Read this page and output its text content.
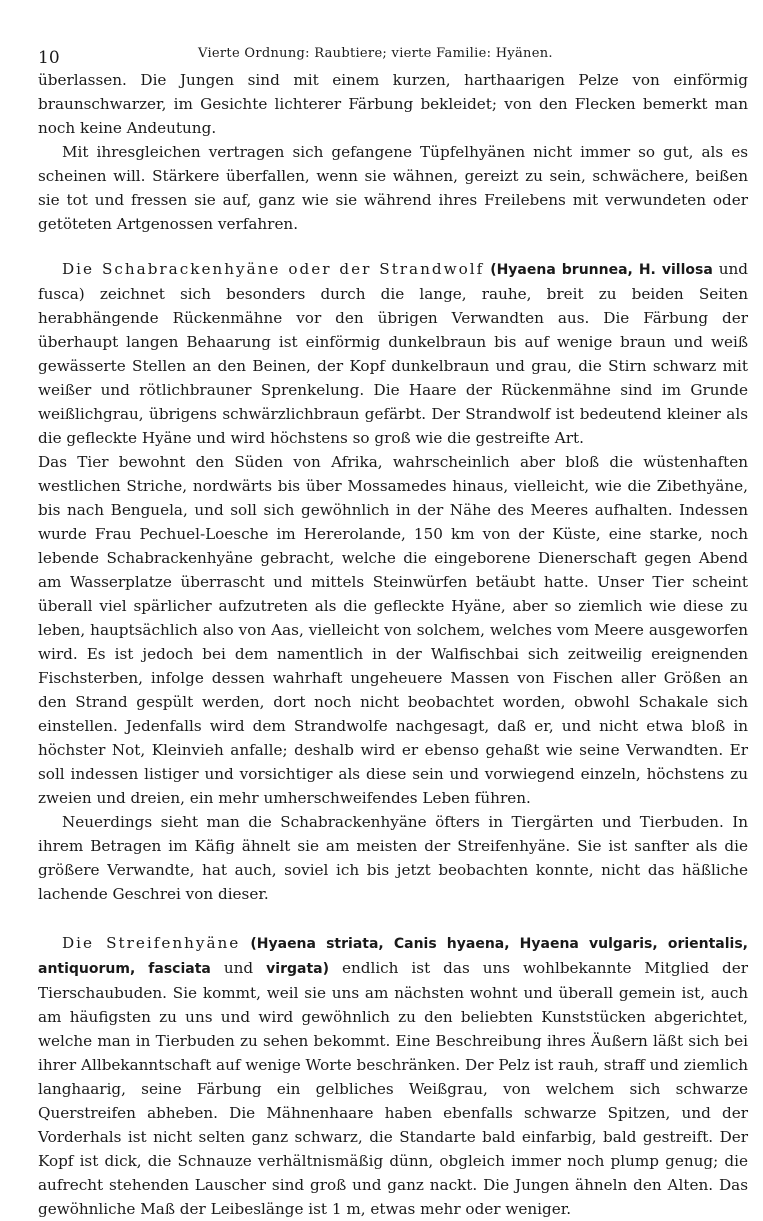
10	Vierte Ordnung: Raubtiere; vierte Familie: Hyänen.

überlassen. Die Jungen sind mit einem kurzen, harthaarigen Pelze von einförmig braunschwarzer, im Gesichte lichterer Färbung bekleidet; von den Flecken bemerkt man noch keine Andeutung.

Mit ihresgleichen vertragen sich gefangene Tüpfelhyänen nicht immer so gut, als es scheinen will. Stärkere überfallen, wenn sie wähnen, gereizt zu sein, schwächere, beißen sie tot und fressen sie auf, ganz wie sie während ihres Freilebens mit verwundeten oder getöteten Artgenossen verfahren.

Die Schabrackenhyäne oder der Strandwolf (Hyaena brunnea, H. villosa und fusca) zeichnet sich besonders durch die lange, rauhe, breit zu beiden Seiten herabhängende Rückenmähne vor den übrigen Verwandten aus. Die Färbung der überhaupt langen Behaarung ist einförmig dunkelbraun bis auf wenige braun und weiß gewässerte Stellen an den Beinen, der Kopf dunkelbraun und grau, die Stirn schwarz mit weißer und rötlichbrauner Sprenkelung. Die Haare der Rückenmähne sind im Grunde weißlichgrau, übrigens schwärzlichbraun gefärbt. Der Strandwolf ist bedeutend kleiner als die gefleckte Hyäne und wird höchstens so groß wie die gestreifte Art.

Das Tier bewohnt den Süden von Afrika, wahrscheinlich aber bloß die wüstenhaften westlichen Striche, nordwärts bis über Mossamedes hinaus, vielleicht, wie die Zibethyäne, bis nach Benguela, und soll sich gewöhnlich in der Nähe des Meeres aufhalten. Indessen wurde Frau Pechuel-Loesche im Hererolande, 150 km von der Küste, eine starke, noch lebende Schabrackenhyäne gebracht, welche die eingeborene Dienerschaft gegen Abend am Wasserplatze überrascht und mittels Steinwürfen betäubt hatte. Unser Tier scheint überall viel spärlicher aufzutreten als die gefleckte Hyäne, aber so ziemlich wie diese zu leben, hauptsächlich also von Aas, vielleicht von solchem, welches vom Meere ausgeworfen wird. Es ist jedoch bei dem namentlich in der Walfischbai sich zeitweilig ereignenden Fischsterben, infolge dessen wahrhaft ungeheuere Massen von Fischen aller Größen an den Strand gespült werden, dort noch nicht beobachtet worden, obwohl Schakale sich einstellen. Jedenfalls wird dem Strandwolfe nachgesagt, daß er, und nicht etwa bloß in höchster Not, Kleinvieh anfalle; deshalb wird er ebenso gehaßt wie seine Verwandten. Er soll indessen listiger und vorsichtiger als diese sein und vorwiegend einzeln, höchstens zu zweien und dreien, ein mehr umherschweifendes Leben führen.

Neuerdings sieht man die Schabrackenhyäne öfters in Tiergärten und Tierbuden. In ihrem Betragen im Käfig ähnelt sie am meisten der Streifenhyäne. Sie ist sanfter als die größere Verwandte, hat auch, soviel ich bis jetzt beobachten konnte, nicht das häßliche lachende Geschrei von dieser.

Die Streifenhyäne (Hyaena striata, Canis hyaena, Hyaena vulgaris, orientalis, antiquorum, fasciata und virgata) endlich ist das uns wohlbekannte Mitglied der Tierschaubuden. Sie kommt, weil sie uns am nächsten wohnt und überall gemein ist, auch am häufigsten zu uns und wird gewöhnlich zu den beliebten Kunststücken abgerichtet, welche man in Tierbuden zu sehen bekommt. Eine Beschreibung ihres Äußern läßt sich bei ihrer Allbekanntschaft auf wenige Worte beschränken. Der Pelz ist rauh, straff und ziemlich langhaarig, seine Färbung ein gelbliches Weißgrau, von welchem sich schwarze Querstreifen abheben. Die Mähnenhaare haben ebenfalls schwarze Spitzen, und der Vorderhals ist nicht selten ganz schwarz, die Standarte bald einfarbig, bald gestreift. Der Kopf ist dick, die Schnauze verhältnismäßig dünn, obgleich immer noch plump genug; die aufrecht stehenden Lauscher sind groß und ganz nackt. Die Jungen ähneln den Alten. Das gewöhnliche Maß der Leibeslänge ist 1 m, etwas mehr oder weniger.
